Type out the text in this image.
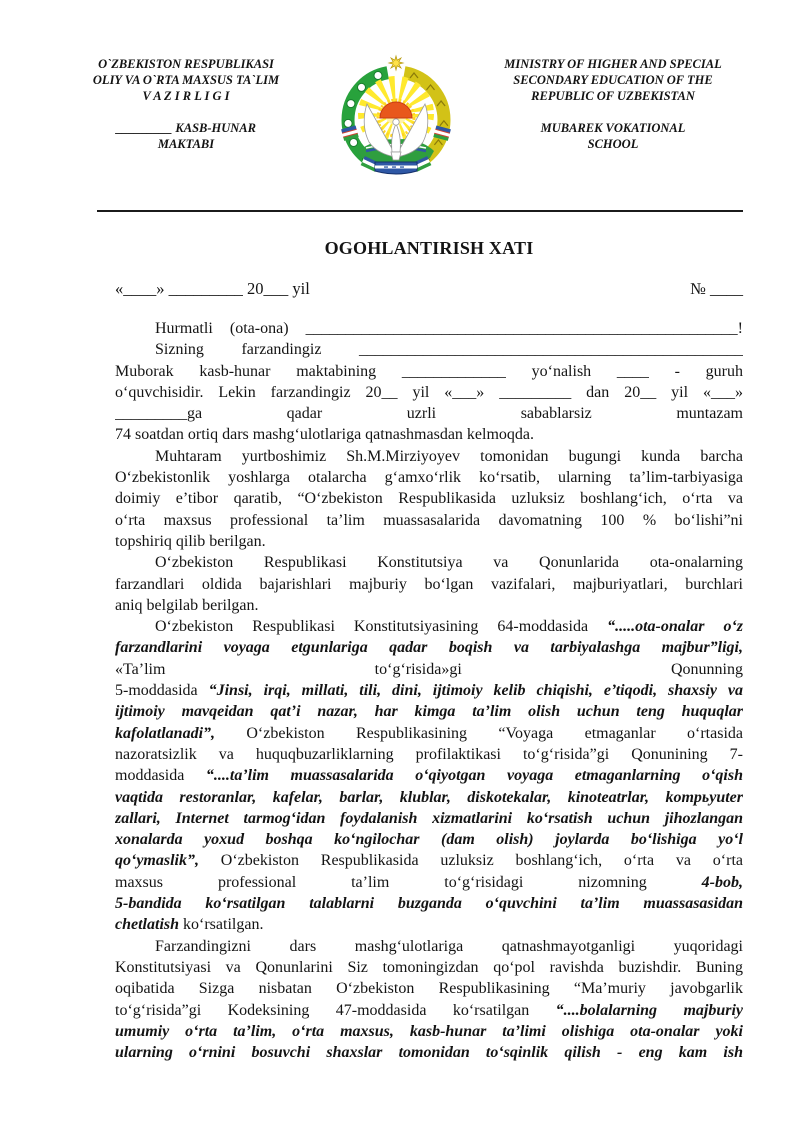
O`ZBEKISTON RESPUBLIKASI
OLIY VA O`RTA MAXSUS TA`LIM
V A Z I R L I G I

_________ KASB-HUNAR
MAKTABI
MINISTRY OF HIGHER AND SPECIAL
SECONDARY EDUCATION OF THE
REPUBLIC OF UZBEKISTAN

MUBAREK VOKATIONAL
SCHOOL
OGOHLANTIRISH XATI
«____» _________ 20___ yil	№ ____
Hurmatli (ota-ona) ______________________________________________________!
Sizning farzandingiz ________________________________________________
Muborak kasb-hunar maktabining _____________ yo‘nalish ____ - guruh
o‘quvchisidir. Lekin farzandingiz 20__ yil «___» _________ dan 20__ yil «___»
_________ga qadar uzrli sabablarsiz muntazam
74 soatdan ortiq dars mashg‘ulotlariga qatnashmasdan kelmoqda.
Muhtaram yurtboshimiz Sh.M.Mirziyoyev tomonidan bugungi kunda barcha
O‘zbekistonlik yoshlarga otalarcha g‘amxo‘rlik ko‘rsatib, ularning ta’lim-tarbiyasiga
doimiy e’tibor qaratib, “O‘zbekiston Respublikasida uzluksiz boshlang‘ich, o‘rta va
o‘rta maxsus professional ta’lim muassasalarida davomatning 100 % bo‘lishi”ni
topshiriq qilib berilgan.
O‘zbekiston Respublikasi Konstitutsiya va Qonunlarida ota-onalarning
farzandlari oldida bajarishlari majburiy bo‘lgan vazifalari, majburiyatlari, burchlari
aniq belgilab berilgan.
O‘zbekiston Respublikasi Konstitutsiyasining 64-moddasida “.....ota-onalar o‘z
farzandlarini voyaga etgunlariga qadar boqish va tarbiyalashga majbur”ligi,
«Ta’lim to‘g‘risida»gi Qonunning
5-moddasida “Jinsi, irqi, millati, tili, dini, ijtimoiy kelib chiqishi, e’tiqodi, shaxsiy va
ijtimoiy mavqeidan qat’i nazar, har kimga ta’lim olish uchun teng huquqlar
kafolatlanadi”, O‘zbekiston Respublikasining “Voyaga etmaganlar o‘rtasida
nazoratsizlik va huquqbuzarliklarning profilaktikasi to‘g‘risida”gi Qonunining 7-
moddasida “....ta’lim muassasalarida o‘qiyotgan voyaga etmaganlarning o‘qish
vaqtida restoranlar, kafelar, barlar, klublar, diskotekalar, kinoteatrlar, kompьyuter
zallari, Internet tarmog‘idan foydalanish xizmatlarini ko‘rsatish uchun jihozlangan
xonalarda yoxud boshqa ko‘ngilochar (dam olish) joylarda bo‘lishiga yo‘l
qo‘ymaslik”, O‘zbekiston Respublikasida uzluksiz boshlang‘ich, o‘rta va o‘rta
maxsus professional ta’lim to‘g‘risidagi nizomning 4-bob,
5-bandida ko‘rsatilgan talablarni buzganda o‘quvchini ta’lim muassasasidan
chetlatish ko‘rsatilgan.
Farzandingizni dars mashg‘ulotlariga qatnashmayotganligi yuqoridagi
Konstitutsiyasi va Qonunlarini Siz tomoningizdan qo‘pol ravishda buzishdir. Buning
oqibatida Sizga nisbatan O‘zbekiston Respublikasining “Ma’muriy javobgarlik
to‘g‘risida”gi Kodeksining 47-moddasida ko‘rsatilgan “....bolalarning majburiy
umumiy o‘rta ta’lim, o‘rta maxsus, kasb-hunar ta’limi olishiga ota-onalar yoki
ularning o‘rnini bosuvchi shaxslar tomonidan to‘sqinlik qilish - eng kam ish
